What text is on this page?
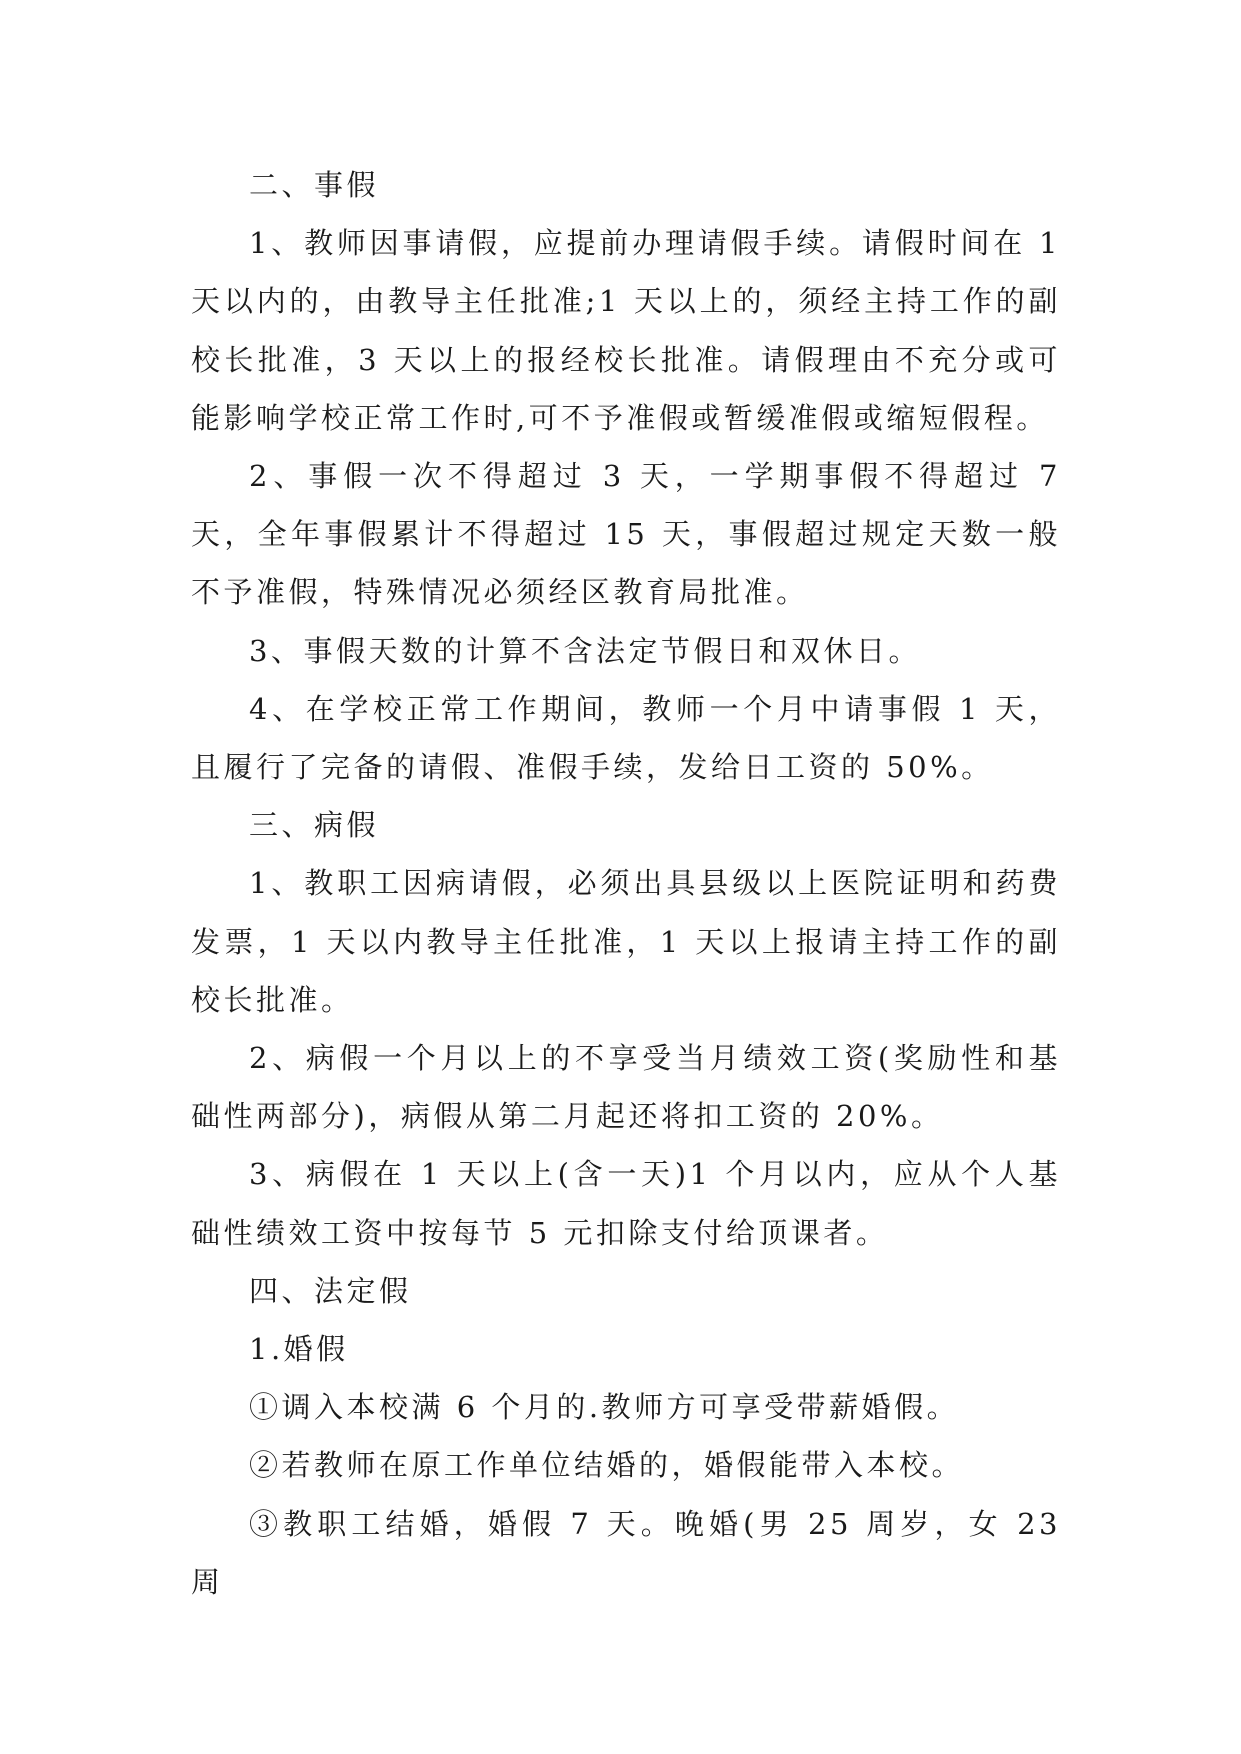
二、事假

1、教师因事请假，应提前办理请假手续。请假时间在 1 天以内的，由教导主任批准;1 天以上的，须经主持工作的副校长批准，3 天以上的报经校长批准。请假理由不充分或可能影响学校正常工作时,可不予准假或暂缓准假或缩短假程。

2、事假一次不得超过 3 天，一学期事假不得超过 7 天，全年事假累计不得超过 15 天，事假超过规定天数一般不予准假，特殊情况必须经区教育局批准。

3、事假天数的计算不含法定节假日和双休日。

4、在学校正常工作期间，教师一个月中请事假 1 天，且履行了完备的请假、准假手续，发给日工资的 50%。

三、病假

1、教职工因病请假，必须出具县级以上医院证明和药费发票，1 天以内教导主任批准，1 天以上报请主持工作的副校长批准。

2、病假一个月以上的不享受当月绩效工资(奖励性和基础性两部分)，病假从第二月起还将扣工资的 20%。

3、病假在 1 天以上(含一天)1 个月以内，应从个人基础性绩效工资中按每节 5 元扣除支付给顶课者。

四、法定假

1.婚假

①调入本校满 6 个月的.教师方可享受带薪婚假。

②若教师在原工作单位结婚的，婚假能带入本校。

③教职工结婚，婚假 7 天。晚婚(男 25 周岁，女 23 周
